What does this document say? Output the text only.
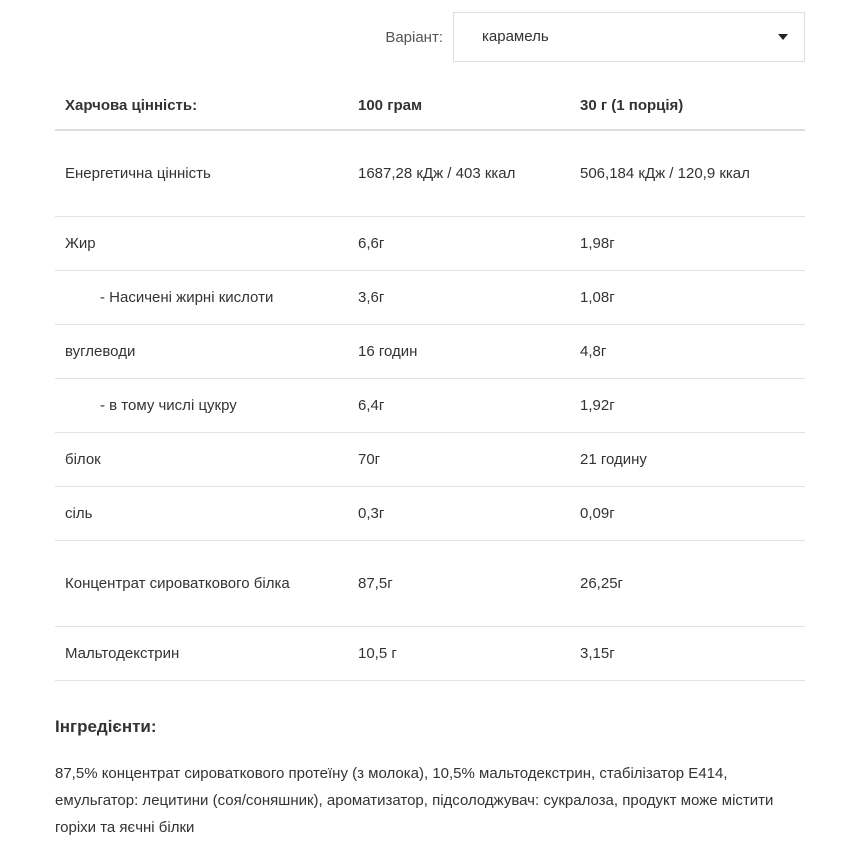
Варіант:	карамель
Харчова цінність:	100 грам	30 г (1 порція)
Енергетична цінність	1687,28 кДж / 403 ккал	506,184 кДж / 120,9 ккал
Жир	6,6г	1,98г
- Насичені жирні кислоти	3,6г	1,08г
вуглеводи	16 годин	4,8г
- в тому числі цукру	6,4г	1,92г
білок	70г	21 годину
сіль	0,3г	0,09г
Концентрат сироваткового білка	87,5г	26,25г
Мальтодекстрин	10,5 г	3,15г
Інгредієнти:

87,5% концентрат сироваткового протеїну (з молока), 10,5% мальтодекстрин, стабілізатор E414, емульгатор: лецитини (соя/соняшник), ароматизатор, підсолоджувач: сукралоза, продукт може містити горіхи та яєчні білки
